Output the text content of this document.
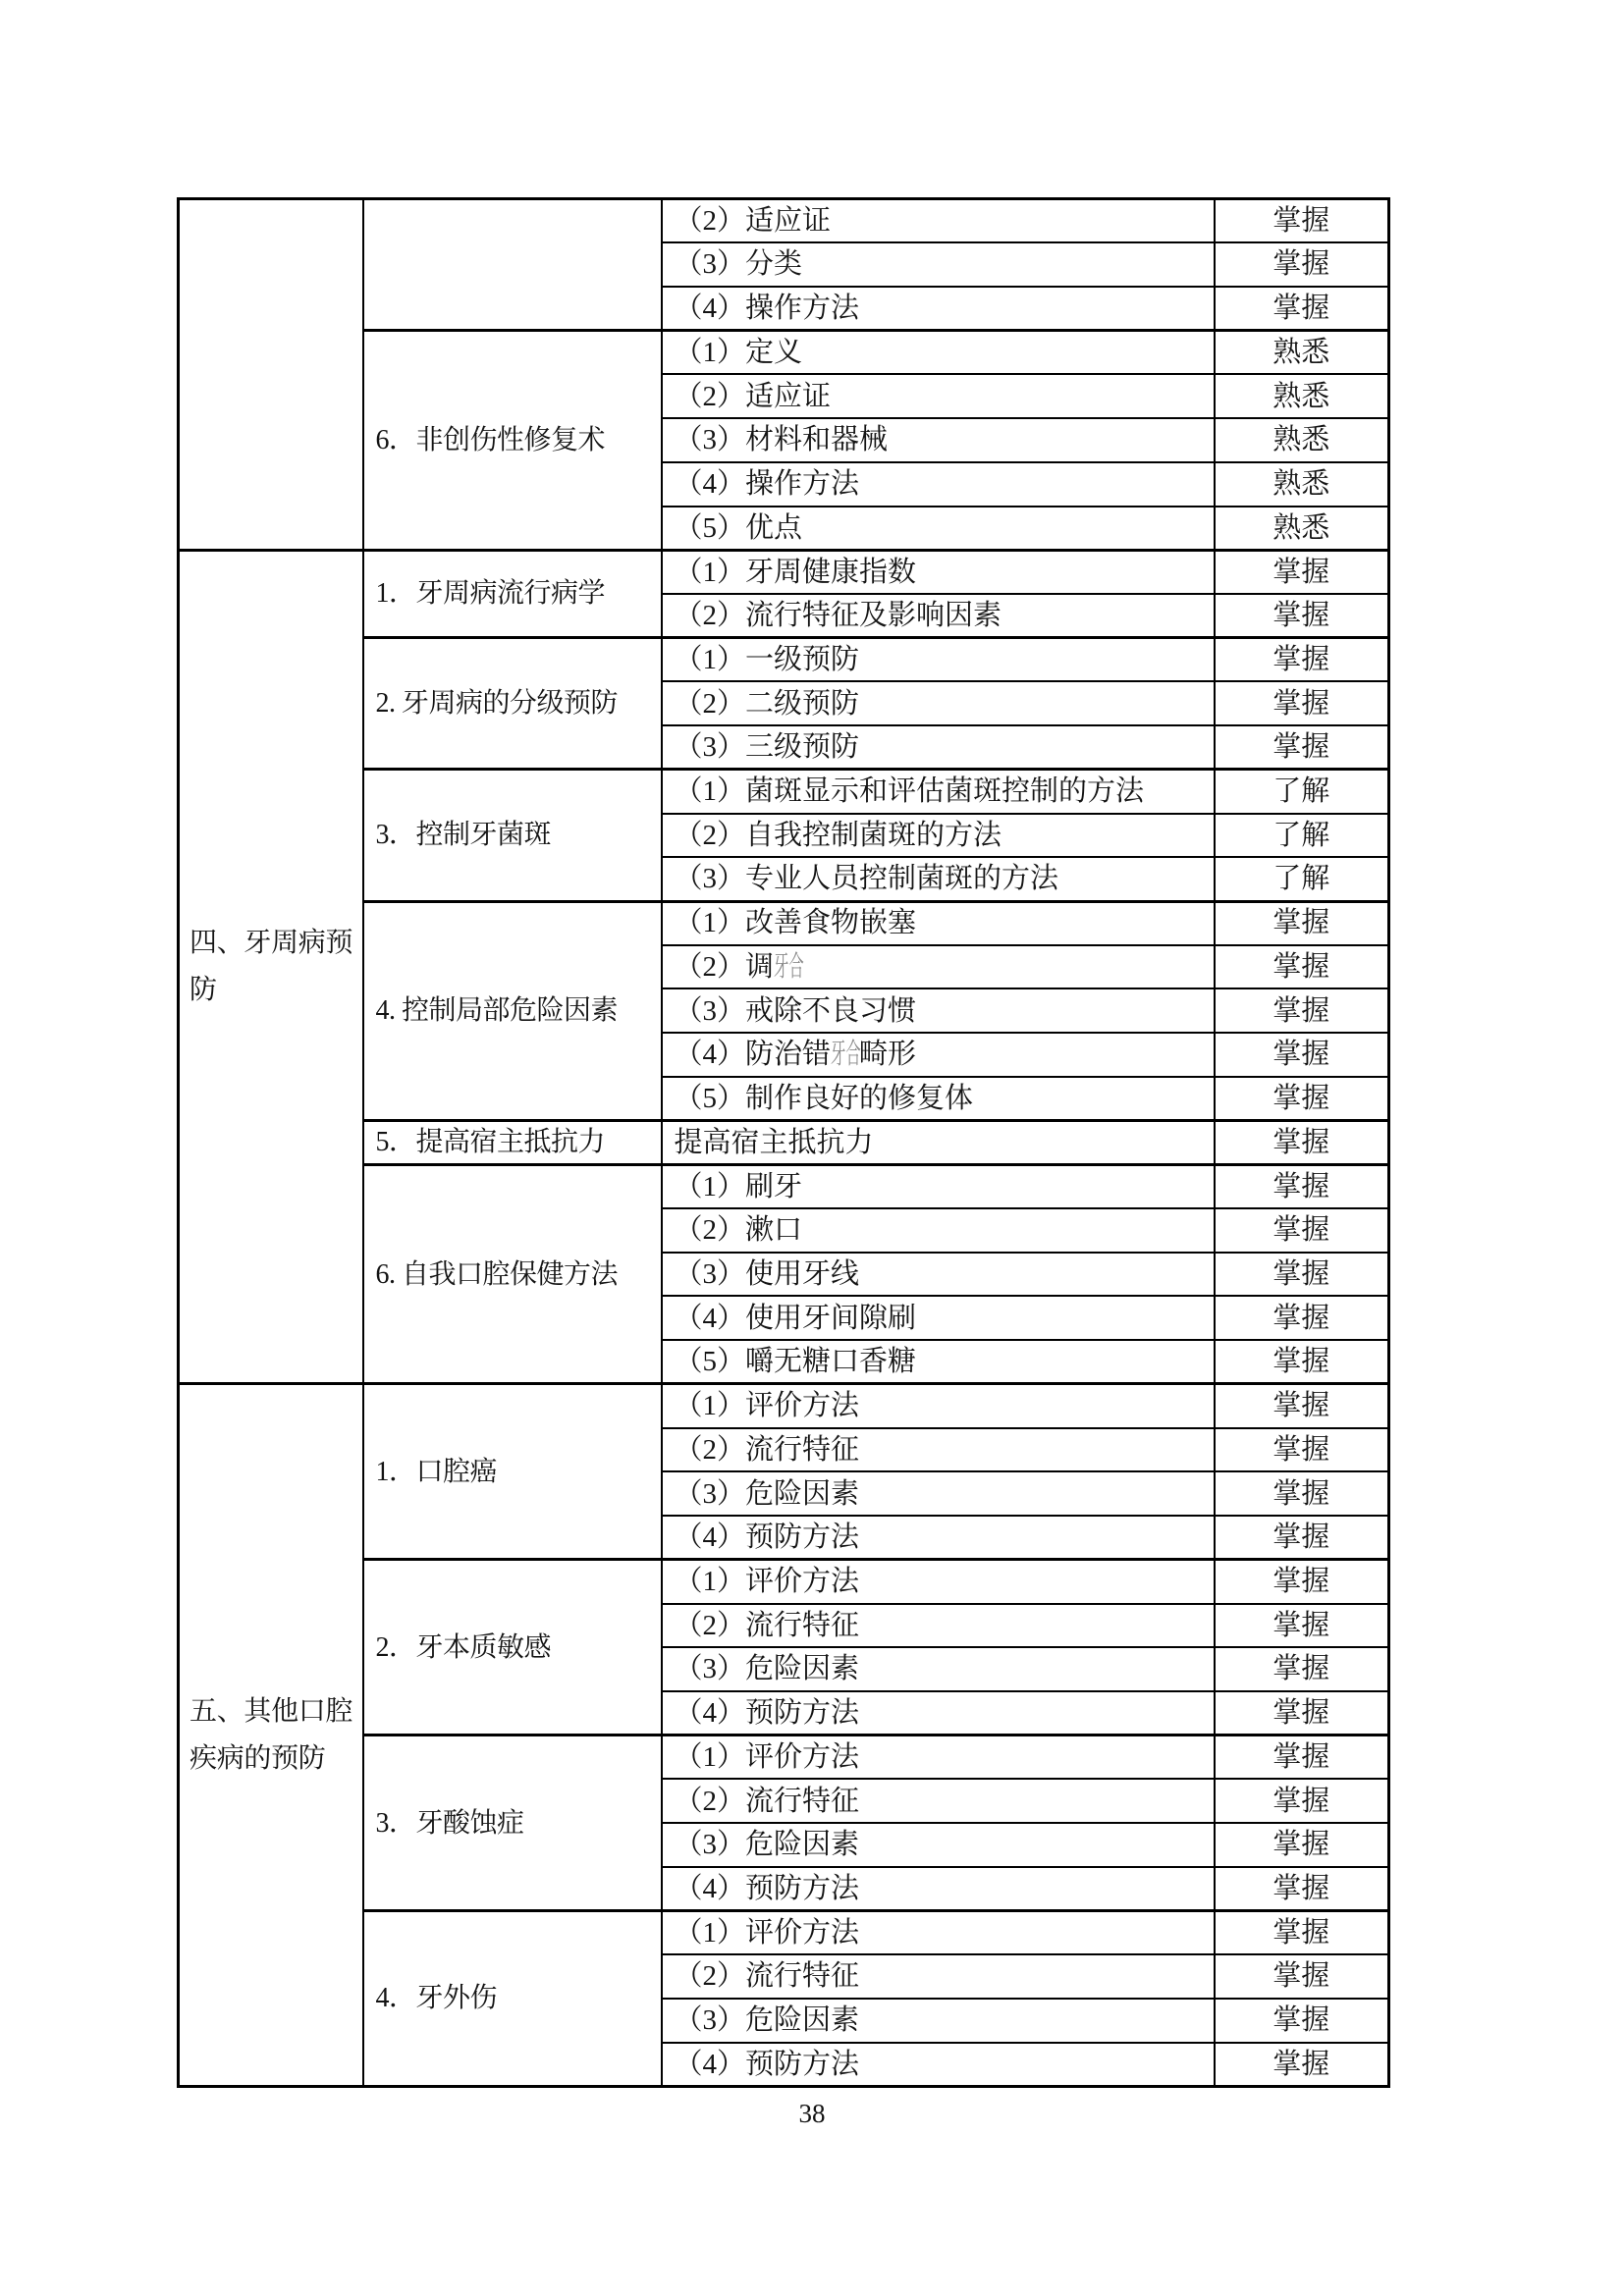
		（2）适应证	掌握
		（3）分类	掌握
		（4）操作方法	掌握
	6．非创伤性修复术	（1）定义	熟悉
		（2）适应证	熟悉
		（3）材料和器械	熟悉
		（4）操作方法	熟悉
		（5）优点	熟悉
四、牙周病预防	1．牙周病流行病学	（1）牙周健康指数	掌握
		（2）流行特征及影响因素	掌握
	2. 牙周病的分级预防	（1）一级预防	掌握
		（2）二级预防	掌握
		（3）三级预防	掌握
	3．控制牙菌斑	（1）菌斑显示和评估菌斑控制的方法	了解
		（2）自我控制菌斑的方法	了解
		（3）专业人员控制菌斑的方法	了解
	4. 控制局部危险因素	（1）改善食物嵌塞	掌握
		（2）调牙合	掌握
		（3）戒除不良习惯	掌握
		（4）防治错牙合畸形	掌握
		（5）制作良好的修复体	掌握
	5．提高宿主抵抗力	提高宿主抵抗力	掌握
	6. 自我口腔保健方法	（1）刷牙	掌握
		（2）漱口	掌握
		（3）使用牙线	掌握
		（4）使用牙间隙刷	掌握
		（5）嚼无糖口香糖	掌握
五、其他口腔疾病的预防	1．口腔癌	（1）评价方法	掌握
		（2）流行特征	掌握
		（3）危险因素	掌握
		（4）预防方法	掌握
	2．牙本质敏感	（1）评价方法	掌握
		（2）流行特征	掌握
		（3）危险因素	掌握
		（4）预防方法	掌握
	3．牙酸蚀症	（1）评价方法	掌握
		（2）流行特征	掌握
		（3）危险因素	掌握
		（4）预防方法	掌握
	4．牙外伤	（1）评价方法	掌握
		（2）流行特征	掌握
		（3）危险因素	掌握
		（4）预防方法	掌握
38
